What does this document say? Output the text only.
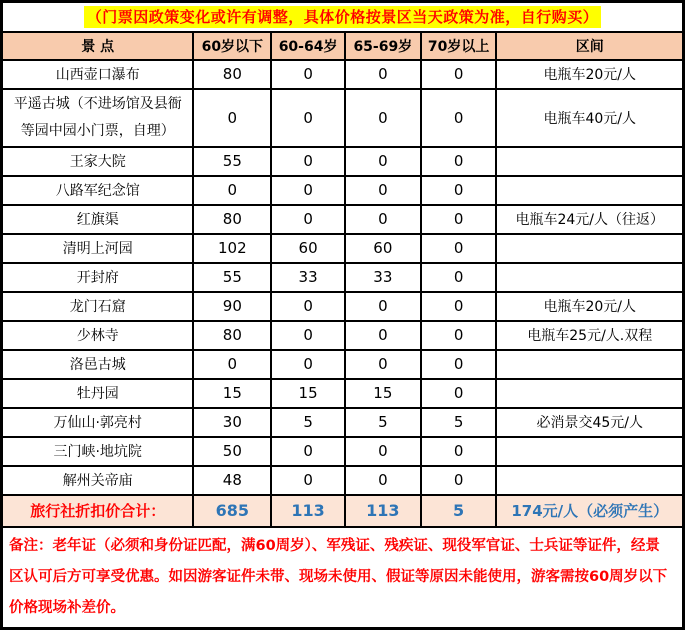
（门票因政策变化或许有调整，具体价格按景区当天政策为准，自行购买）					
景 点	60岁以下	60-64岁	65-69岁	70岁以上	区间
山西壶口瀑布	80	0	0	0	电瓶车20元/人
平遥古城（不进场馆及县衙等园中园小门票，自理）	0	0	0	0	电瓶车40元/人
王家大院	55	0	0	0	
八路军纪念馆	0	0	0	0	
红旗渠	80	0	0	0	电瓶车24元/人（往返）
清明上河园	102	60	60	0	
开封府	55	33	33	0	
龙门石窟	90	0	0	0	电瓶车20元/人
少林寺	80	0	0	0	电瓶车25元/人.双程
洛邑古城	0	0	0	0	
牡丹园	15	15	15	0	
万仙山·郭亮村	30	5	5	5	必消景交45元/人
三门峡·地坑院	50	0	0	0	
解州关帝庙	48	0	0	0	
旅行社折扣价合计：	685	113	113	5	174元/人（必须产生）
备注：老年证（必须和身份证匹配，满60周岁）、军残证、残疾证、现役军官证、士兵证等证件，经景区认可后方可享受优惠。如因游客证件未带、现场未使用、假证等原因未能使用，游客需按60周岁以下价格现场补差价。					
